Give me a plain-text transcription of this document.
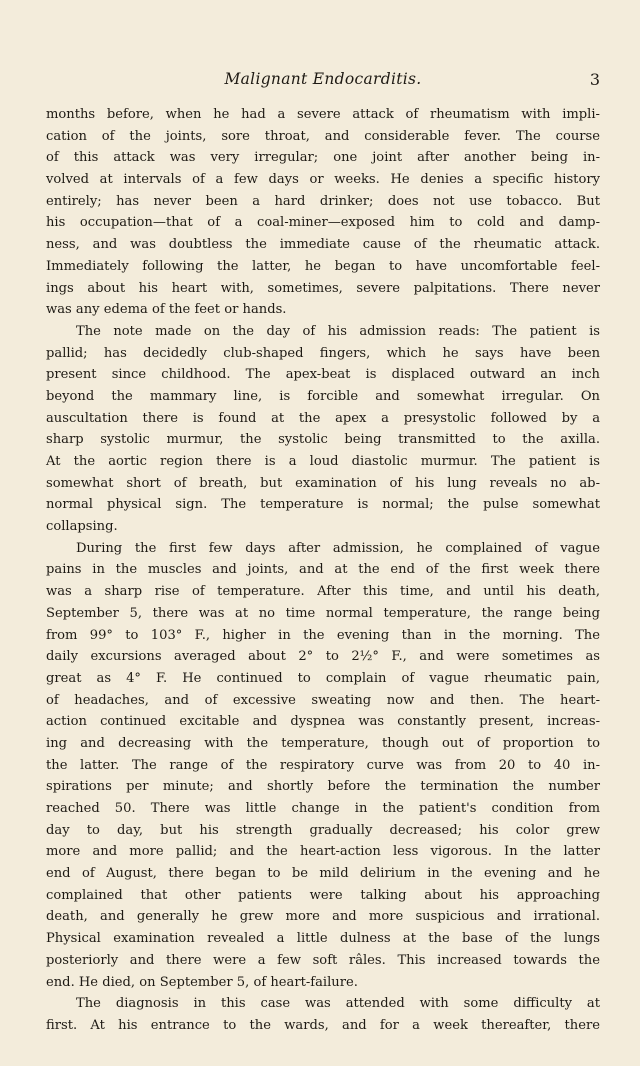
Malignant Endocarditis.	3
months before, when he had a severe attack of rheumatism with impli-
cation of the joints, sore throat, and considerable fever. The course
of this attack was very irregular; one joint after another being in-
volved at intervals of a few days or weeks. He denies a specific history
entirely; has never been a hard drinker; does not use tobacco. But
his occupation—that of a coal-miner—exposed him to cold and damp-
ness, and was doubtless the immediate cause of the rheumatic attack.
Immediately following the latter, he began to have uncomfortable feel-
ings about his heart with, sometimes, severe palpitations. There never
was any edema of the feet or hands.
The note made on the day of his admission reads: The patient is
pallid; has decidedly club-shaped fingers, which he says have been
present since childhood. The apex-beat is displaced outward an inch
beyond the mammary line, is forcible and somewhat irregular. On
auscultation there is found at the apex a presystolic followed by a
sharp systolic murmur, the systolic being transmitted to the axilla.
At the aortic region there is a loud diastolic murmur. The patient is
somewhat short of breath, but examination of his lung reveals no ab-
normal physical sign. The temperature is normal; the pulse somewhat
collapsing.
During the first few days after admission, he complained of vague
pains in the muscles and joints, and at the end of the first week there
was a sharp rise of temperature. After this time, and until his death,
September 5, there was at no time normal temperature, the range being
from 99° to 103° F., higher in the evening than in the morning. The
daily excursions averaged about 2° to 2½° F., and were sometimes as
great as 4° F. He continued to complain of vague rheumatic pain,
of headaches, and of excessive sweating now and then. The heart-
action continued excitable and dyspnea was constantly present, increas-
ing and decreasing with the temperature, though out of proportion to
the latter. The range of the respiratory curve was from 20 to 40 in-
spirations per minute; and shortly before the termination the number
reached 50. There was little change in the patient's condition from
day to day, but his strength gradually decreased; his color grew
more and more pallid; and the heart-action less vigorous. In the latter
end of August, there began to be mild delirium in the evening and he
complained that other patients were talking about his approaching
death, and generally he grew more and more suspicious and irrational.
Physical examination revealed a little dulness at the base of the lungs
posteriorly and there were a few soft râles. This increased towards the
end. He died, on September 5, of heart-failure.
The diagnosis in this case was attended with some difficulty at
first. At his entrance to the wards, and for a week thereafter, there
